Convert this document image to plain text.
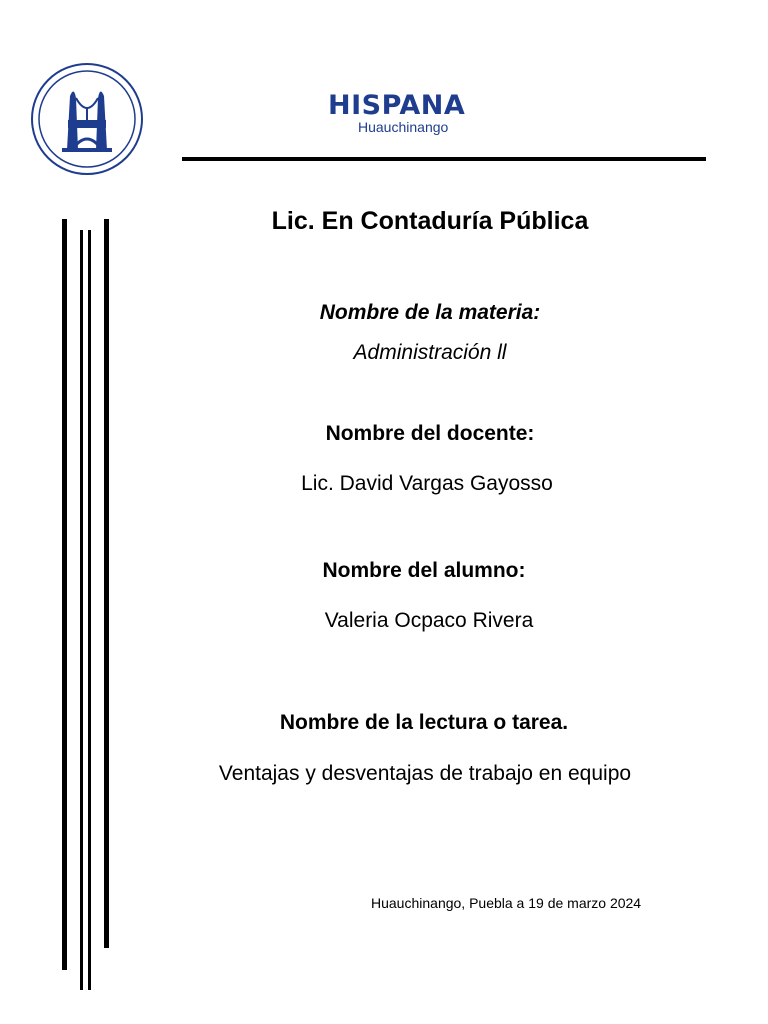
HISPANA
Huauchinango
Lic. En Contaduría Pública
Nombre de la materia:
Administración ll
Nombre del docente:
Lic. David Vargas Gayosso
Nombre del alumno:
Valeria Ocpaco Rivera
Nombre de la lectura o tarea.
Ventajas y desventajas de trabajo en equipo
Huauchinango, Puebla a 19 de marzo 2024
